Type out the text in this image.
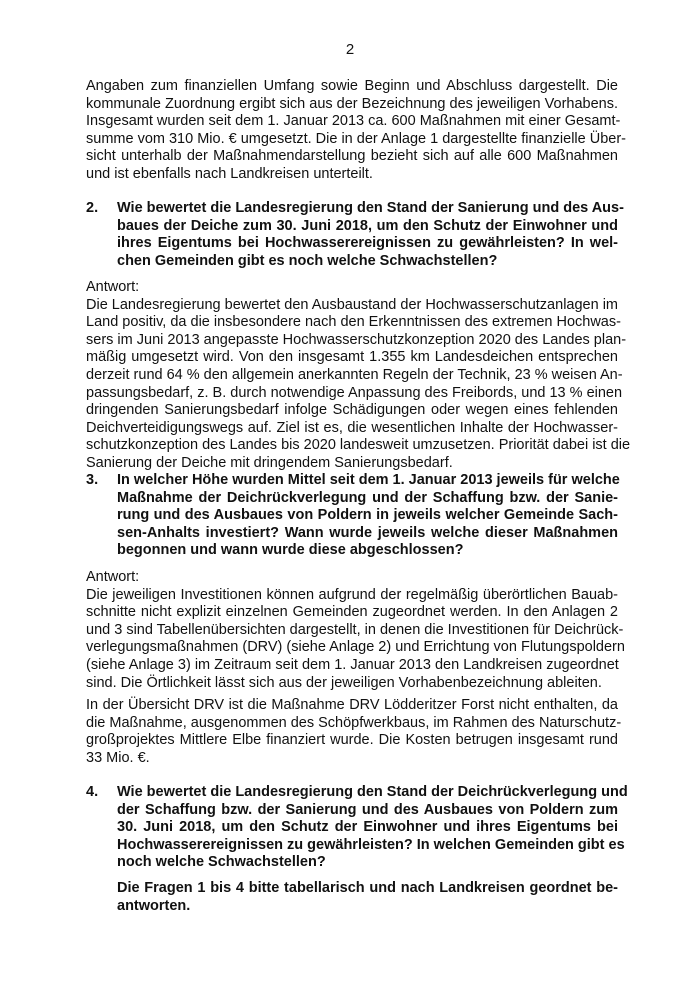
2
Angaben zum finanziellen Umfang sowie Beginn und Abschluss dargestellt. Die
kommunale Zuordnung ergibt sich aus der Bezeichnung des jeweiligen Vorhabens.
Insgesamt wurden seit dem 1. Januar 2013 ca. 600 Maßnahmen mit einer Gesamt-
summe vom 310 Mio. € umgesetzt. Die in der Anlage 1 dargestellte finanzielle Über-
sicht unterhalb der Maßnahmendarstellung bezieht sich auf alle 600 Maßnahmen
und ist ebenfalls nach Landkreisen unterteilt.
2. Wie bewertet die Landesregierung den Stand der Sanierung und des Aus-
baues der Deiche zum 30. Juni 2018, um den Schutz der Einwohner und
ihres Eigentums bei Hochwasserereignissen zu gewährleisten? In wel-
chen Gemeinden gibt es noch welche Schwachstellen?
Antwort:
Die Landesregierung bewertet den Ausbaustand der Hochwasserschutzanlagen im
Land positiv, da die insbesondere nach den Erkenntnissen des extremen Hochwas-
sers im Juni 2013 angepasste Hochwasserschutzkonzeption 2020 des Landes plan-
mäßig umgesetzt wird. Von den insgesamt 1.355 km Landesdeichen entsprechen
derzeit rund 64 % den allgemein anerkannten Regeln der Technik, 23 % weisen An-
passungsbedarf, z. B. durch notwendige Anpassung des Freibords, und 13 % einen
dringenden Sanierungsbedarf infolge Schädigungen oder wegen eines fehlenden
Deichverteidigungswegs auf. Ziel ist es, die wesentlichen Inhalte der Hochwasser-
schutzkonzeption des Landes bis 2020 landesweit umzusetzen. Priorität dabei ist die
Sanierung der Deiche mit dringendem Sanierungsbedarf.
3. In welcher Höhe wurden Mittel seit dem 1. Januar 2013 jeweils für welche
Maßnahme der Deichrückverlegung und der Schaffung bzw. der Sanie-
rung und des Ausbaues von Poldern in jeweils welcher Gemeinde Sach-
sen-Anhalts investiert? Wann wurde jeweils welche dieser Maßnahmen
begonnen und wann wurde diese abgeschlossen?
Antwort:
Die jeweiligen Investitionen können aufgrund der regelmäßig überörtlichen Bauab-
schnitte nicht explizit einzelnen Gemeinden zugeordnet werden. In den Anlagen 2
und 3 sind Tabellenübersichten dargestellt, in denen die Investitionen für Deichrück-
verlegungsmaßnahmen (DRV) (siehe Anlage 2) und Errichtung von Flutungspoldern
(siehe Anlage 3) im Zeitraum seit dem 1. Januar 2013 den Landkreisen zugeordnet
sind. Die Örtlichkeit lässt sich aus der jeweiligen Vorhabenbezeichnung ableiten.
In der Übersicht DRV ist die Maßnahme DRV Lödderitzer Forst nicht enthalten, da
die Maßnahme, ausgenommen des Schöpfwerkbaus, im Rahmen des Naturschutz-
großprojektes Mittlere Elbe finanziert wurde. Die Kosten betrugen insgesamt rund
33 Mio. €.
4. Wie bewertet die Landesregierung den Stand der Deichrückverlegung und
der Schaffung bzw. der Sanierung und des Ausbaues von Poldern zum
30. Juni 2018, um den Schutz der Einwohner und ihres Eigentums bei
Hochwasserereignissen zu gewährleisten? In welchen Gemeinden gibt es
noch welche Schwachstellen?
Die Fragen 1 bis 4 bitte tabellarisch und nach Landkreisen geordnet be-
antworten.
